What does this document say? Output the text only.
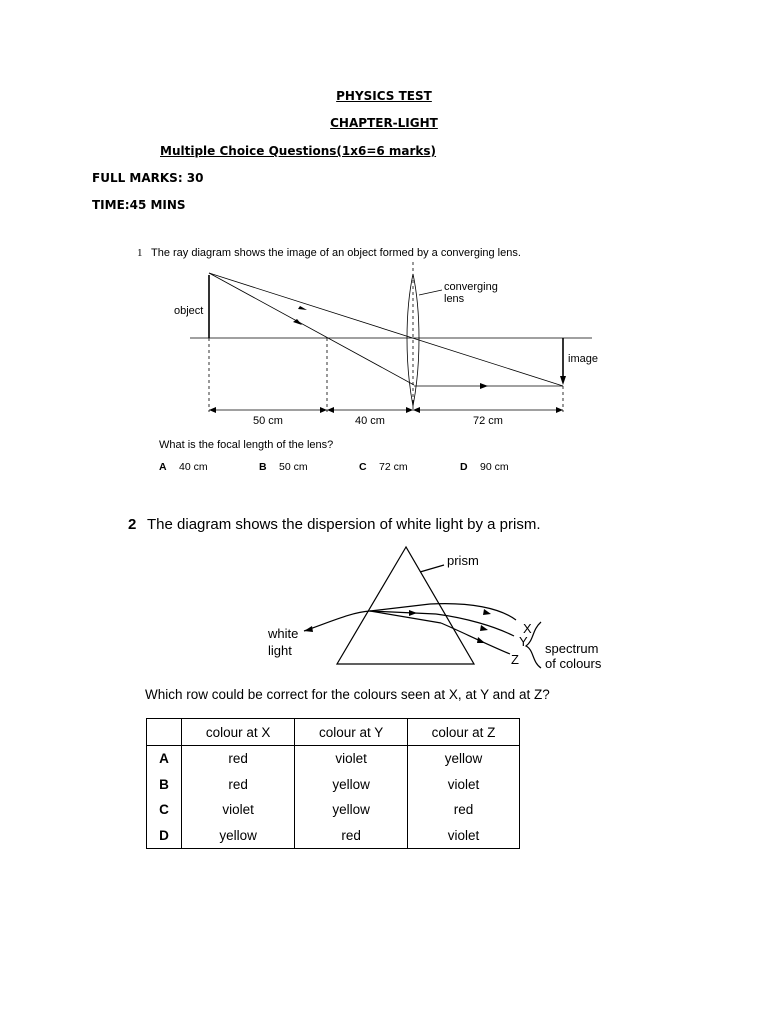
PHYSICS TEST
CHAPTER-LIGHT
Multiple Choice Questions(1x6=6 marks)
FULL MARKS: 30
TIME:45 MINS
1 The ray diagram shows the image of an object formed by a converging lens.
object
converging
lens
image
50 cm	40 cm	72 cm
What is the focal length of the lens?
A 40 cm	B 50 cm	C 72 cm	D 90 cm
2 The diagram shows the dispersion of white light by a prism.
prism
white
light
X
Y
Z
spectrum
of colours
Which row could be correct for the colours seen at X, at Y and at Z?
	colour at X	colour at Y	colour at Z
A	red	violet	yellow
B	red	yellow	violet
C	violet	yellow	red
D	yellow	red	violet
